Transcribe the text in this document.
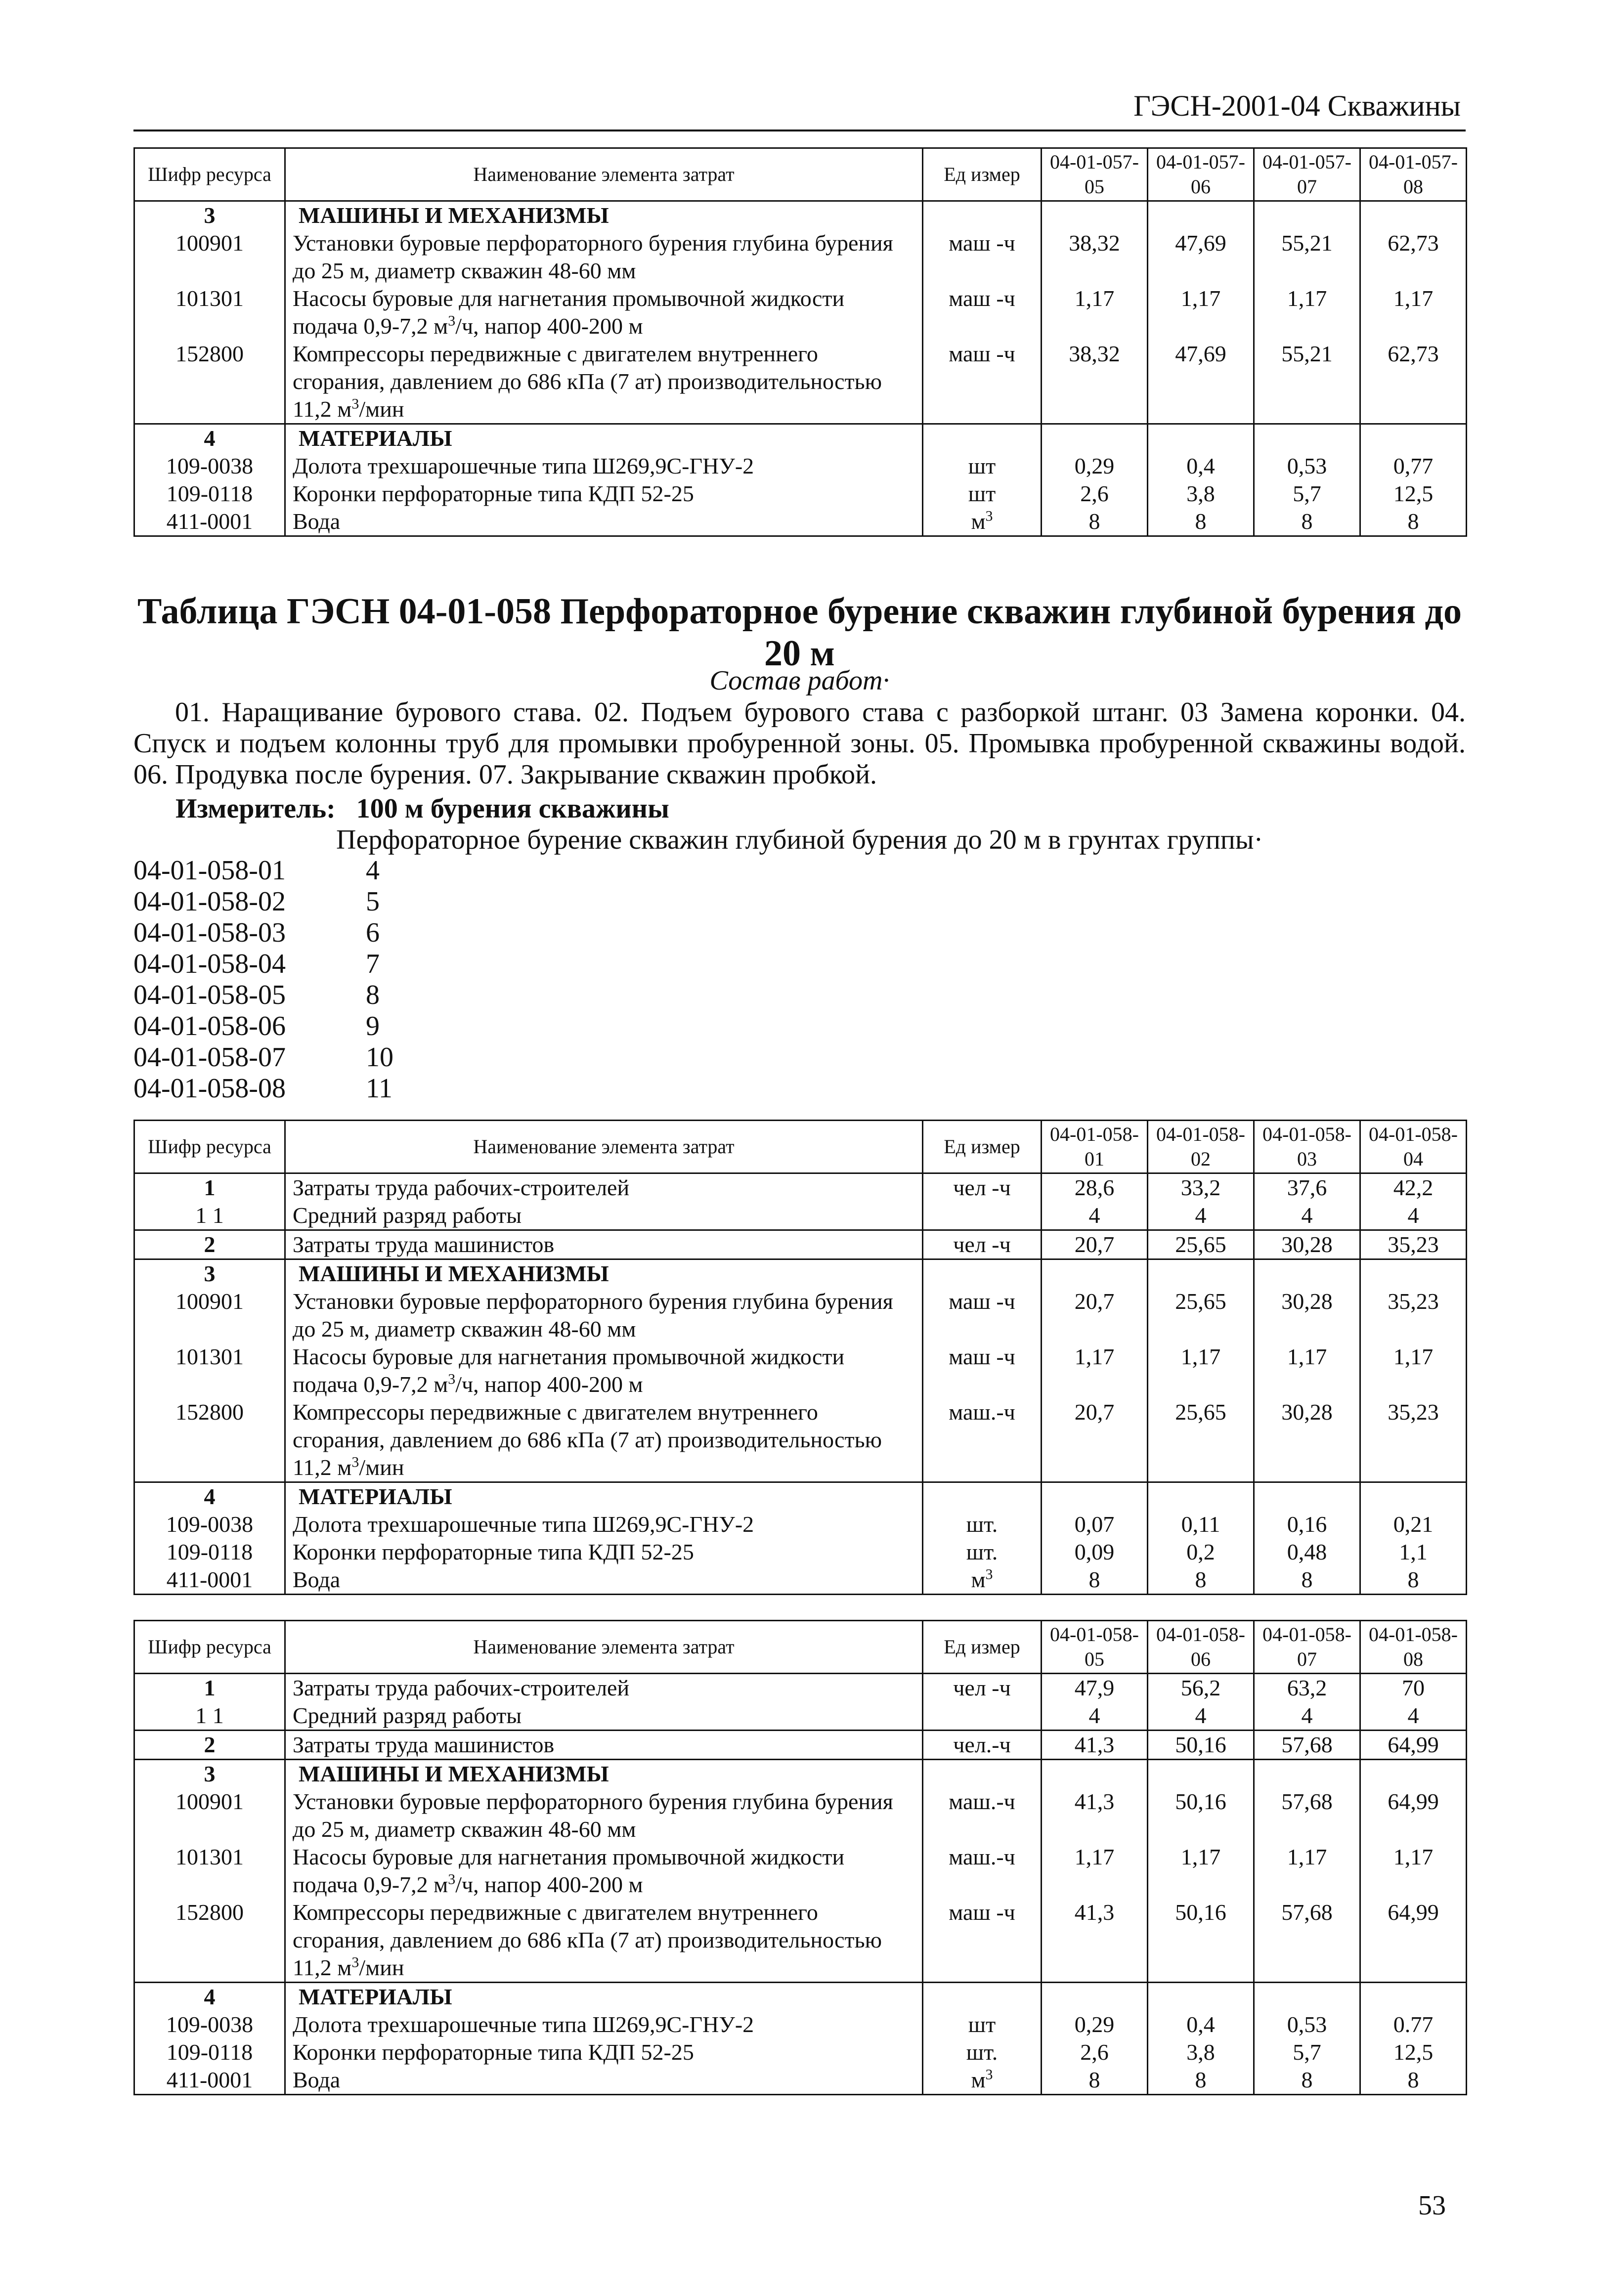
ГЭСН-2001-04 Скважины
Шифр ресурса	Наименование элемента затрат	Ед измер	04-01-057-05	04-01-057-06	04-01-057-07	04-01-057-08
3	МАШИНЫ И МЕХАНИЗМЫ					
100901	Установки буровые перфораторного бурения глубина бурения до 25 м, диаметр скважин 48-60 мм	маш -ч	38,32	47,69	55,21	62,73
101301	Насосы буровые для нагнетания промывочной жидкости подача 0,9-7,2 $м^3/ч$, напор 400-200 м	маш -ч	1,17	1,17	1,17	1,17
152800	Компрессоры передвижные с двигателем внутреннего сгорания, давлением до 686 кПа (7 ат) производительностью 11,2 $м^3$/мин	маш -ч	38,32	47,69	55,21	62,73
4	МАТЕРИАЛЫ					
109-0038	Долота трехшарошечные типа Ш269,9С-ГНУ-2	шт	0,29	0,4	0,53	0,77
109-0118	Коронки перфораторные типа КДП 52-25	шт	2,6	3,8	5,7	12,5
411-0001	Вода	$м^3$	8	8	8	8
Таблица ГЭСН 04-01-058 Перфораторное бурение скважин глубиной бурения до 20 м
Состав работ·
01. Наращивание бурового става. 02. Подъем бурового става с разборкой штанг. 03 Замена коронки. 04. Спуск и подъем колонны труб для промывки пробуренной зоны. 05. Промывка пробуренной скважины водой. 06. Продувка после бурения. 07. Закрывание скважин пробкой.
Измеритель: 100 м бурения скважины
Перфораторное бурение скважин глубиной бурения до 20 м в грунтах группы·
04-01-058-01	4
04-01-058-02	5
04-01-058-03	6
04-01-058-04	7
04-01-058-05	8
04-01-058-06	9
04-01-058-07	10
04-01-058-08	11
Шифр ресурса	Наименование элемента затрат	Ед измер	04-01-058-01	04-01-058-02	04-01-058-03	04-01-058-04
1	Затраты труда рабочих-строителей	чел -ч	28,6	33,2	37,6	42,2
1 1	Средний разряд работы		4	4	4	4
2	Затраты труда машинистов	чел -ч	20,7	25,65	30,28	35,23
3	МАШИНЫ И МЕХАНИЗМЫ					
100901	Установки буровые перфораторного бурения глубина бурения до 25 м, диаметр скважин 48-60 мм	маш -ч	20,7	25,65	30,28	35,23
101301	Насосы буровые для нагнетания промывочной жидкости подача 0,9-7,2 $м^3/ч$, напор 400-200 м	маш -ч	1,17	1,17	1,17	1,17
152800	Компрессоры передвижные с двигателем внутреннего сгорания, давлением до 686 кПа (7 ат) производительностью 11,2 $м^3$/мин	маш.-ч	20,7	25,65	30,28	35,23
4	МАТЕРИАЛЫ					
109-0038	Долота трехшарошечные типа Ш269,9С-ГНУ-2	шт.	0,07	0,11	0,16	0,21
109-0118	Коронки перфораторные типа КДП 52-25	шт.	0,09	0,2	0,48	1,1
411-0001	Вода	$м^3$	8	8	8	8
Шифр ресурса	Наименование элемента затрат	Ед измер	04-01-058-05	04-01-058-06	04-01-058-07	04-01-058-08
1	Затраты труда рабочих-строителей	чел -ч	47,9	56,2	63,2	70
1 1	Средний разряд работы		4	4	4	4
2	Затраты труда машинистов	чел.-ч	41,3	50,16	57,68	64,99
3	МАШИНЫ И МЕХАНИЗМЫ					
100901	Установки буровые перфораторного бурения глубина бурения до 25 м, диаметр скважин 48-60 мм	маш.-ч	41,3	50,16	57,68	64,99
101301	Насосы буровые для нагнетания промывочной жидкости подача 0,9-7,2 $м^3/ч$, напор 400-200 м	маш.-ч	1,17	1,17	1,17	1,17
152800	Компрессоры передвижные с двигателем внутреннего сгорания, давлением до 686 кПа (7 ат) производительностью 11,2 $м^3$/мин	маш -ч	41,3	50,16	57,68	64,99
4	МАТЕРИАЛЫ					
109-0038	Долота трехшарошечные типа Ш269,9С-ГНУ-2	шт	0,29	0,4	0,53	0.77
109-0118	Коронки перфораторные типа КДП 52-25	шт.	2,6	3,8	5,7	12,5
411-0001	Вода	$м^3$	8	8	8	8
53
